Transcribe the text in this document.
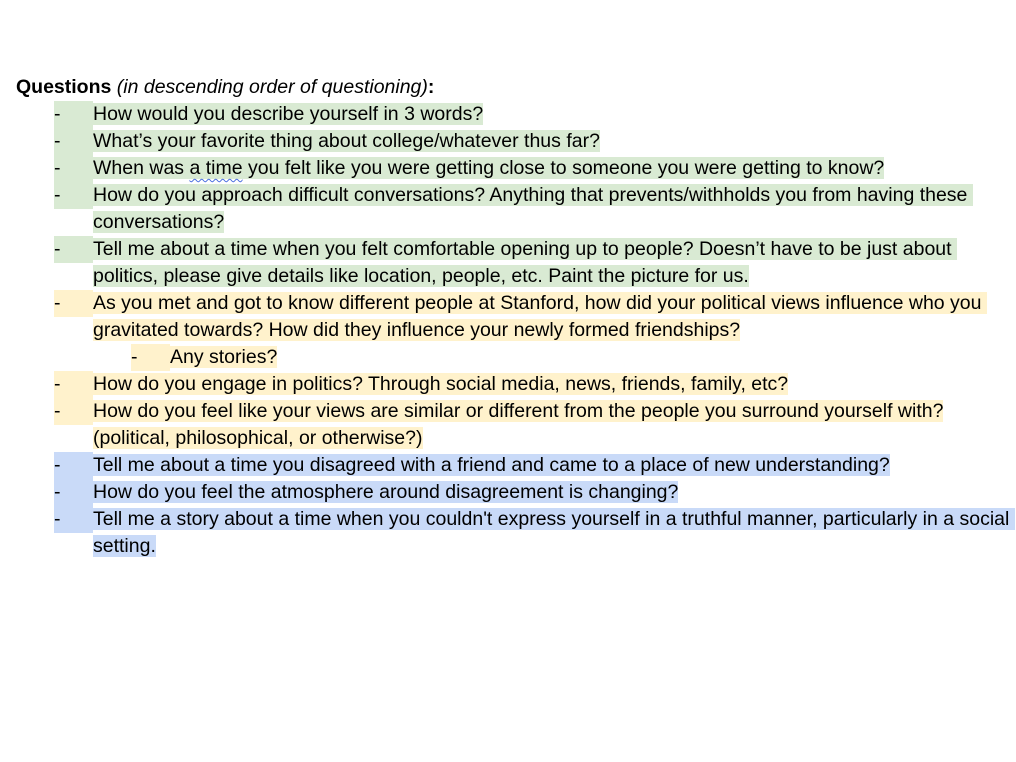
Questions (in descending order of questioning):
- How would you describe yourself in 3 words?
- What’s your favorite thing about college/whatever thus far?
- When was a time you felt like you were getting close to someone you were getting to know?
- How do you approach difficult conversations? Anything that prevents/withholds you from having these conversations?
- Tell me about a time when you felt comfortable opening up to people? Doesn’t have to be just about politics, please give details like location, people, etc. Paint the picture for us.
- As you met and got to know different people at Stanford, how did your political views influence who you gravitated towards? How did they influence your newly formed friendships?
- Any stories?
- How do you engage in politics? Through social media, news, friends, family, etc?
- How do you feel like your views are similar or different from the people you surround yourself with?(political, philosophical, or otherwise?)
- Tell me about a time you disagreed with a friend and came to a place of new understanding?
- How do you feel the atmosphere around disagreement is changing?
- Tell me a story about a time when you couldn't express yourself in a truthful manner, particularly in a social setting.
